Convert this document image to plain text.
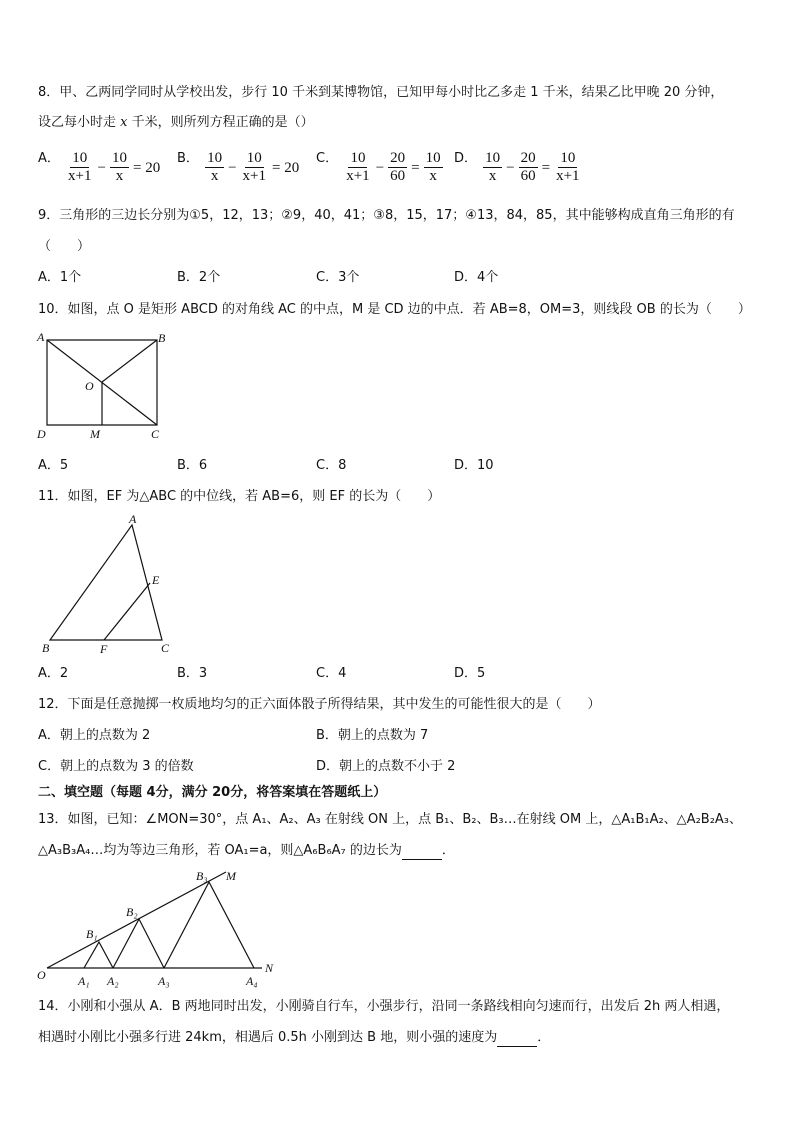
8．甲、乙两同学同时从学校出发，步行 10 千米到某博物馆，已知甲每小时比乙多走 1 千米，结果乙比甲晚 20 分钟，
设乙每小时走 x 千米，则所列方程正确的是（）
A． $\frac{10}{x+1} - \frac{10}{x} = 20$
B． $\frac{10}{x} - \frac{10}{x+1} = 20$
C． $\frac{10}{x+1} - \frac{20}{60} = \frac{10}{x}$ D． $\frac{10}{x} - \frac{20}{60} = \frac{10}{x+1}$
9．三角形的三边长分别为①5，12，13；②9，40，41；③8，15，17；④13，84，85，其中能够构成直角三角形的有
（　　）
A．1个	B．2个	C．3个	D．4个
10．如图，点 O 是矩形 ABCD 的对角线 AC 的中点，M 是 CD 边的中点．若 AB=8，OM=3，则线段 OB 的长为（　　）
A	B
C
D
O
M
A．5	B．6	C．8	D．10
11．如图，EF 为△ABC 的中位线，若 AB=6，则 EF 的长为（　　）
A
E
B	F	C
A．2	B．3	C．4	D．5
12．下面是任意抛掷一枚质地均匀的正六面体骰子所得结果，其中发生的可能性很大的是（　　）
A．朝上的点数为 2	B．朝上的点数为 7
C．朝上的点数为 3 的倍数	D．朝上的点数不小于 2
二、填空题（每题 4分，满分 20分，将答案填在答题纸上）
13．如图，已知：∠MON=30°，点 A₁、A₂、A₃ 在射线 ON 上，点 B₁、B₂、B₃…在射线 OM 上，△A₁B₁A₂、△A₂B₂A₃、
△A₃B₃A₄…均为等边三角形，若 OA₁=a，则△A₆B₆A₇ 的边长为	．
O	N
M
A₁ A₂	A₃	A₄
B₁
B₂
B₃
14．小刚和小强从 A．B 两地同时出发，小刚骑自行车，小强步行，沿同一条路线相向匀速而行，出发后 2h 两人相遇，
相遇时小刚比小强多行进 24km，相遇后 0.5h 小刚到达 B 地，则小强的速度为	．
